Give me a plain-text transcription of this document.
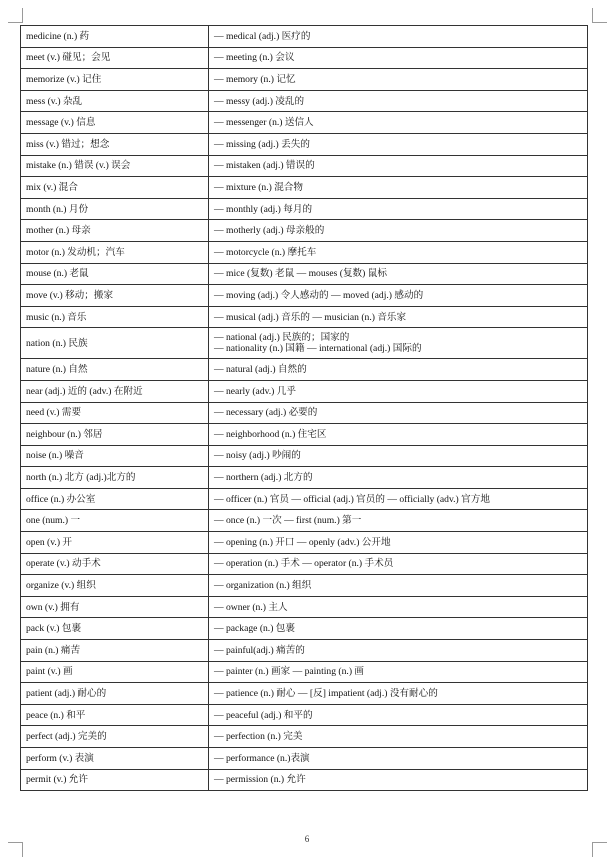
medicine (n.) 药	— medical (adj.) 医疗的

meet (v.) 碰见；会见	— meeting (n.) 会议

memorize (v.) 记住	— memory (n.) 记忆

mess (v.) 杂乱	— messy (adj.) 凌乱的

message (v.) 信息	— messenger (n.) 送信人

miss (v.) 错过；想念	— missing (adj.) 丢失的

mistake (n.) 错误 (v.) 误会	— mistaken (adj.) 错误的

mix (v.) 混合	— mixture (n.) 混合物

month (n.) 月份	— monthly (adj.) 每月的

mother (n.) 母亲	— motherly (adj.) 母亲般的

motor (n.) 发动机；汽车	— motorcycle (n.) 摩托车

mouse (n.) 老鼠	— mice (复数) 老鼠 — mouses (复数) 鼠标

move (v.) 移动；搬家	— moving (adj.) 令人感动的 — moved (adj.) 感动的

music (n.) 音乐	— musical (adj.) 音乐的 — musician (n.) 音乐家

nation (n.) 民族	— national (adj.) 民族的；国家的
— nationality (n.) 国籍 — international (adj.) 国际的

nature (n.) 自然	— natural (adj.) 自然的

near (adj.) 近的 (adv.) 在附近	— nearly (adv.) 几乎

need (v.) 需要	— necessary (adj.) 必要的

neighbour (n.) 邻居	— neighborhood (n.) 住宅区

noise (n.) 噪音	— noisy (adj.) 吵闹的

north (n.) 北方 (adj.)北方的	— northern (adj.) 北方的

office (n.) 办公室	— officer (n.) 官员 — official (adj.) 官员的 — officially (adv.) 官方地

one (num.) 一	— once (n.) 一次 — first (num.) 第一

open (v.) 开	— opening (n.) 开口 — openly (adv.) 公开地

operate (v.) 动手术	— operation (n.) 手术 — operator (n.) 手术员

organize (v.) 组织	— organization (n.) 组织

own (v.) 拥有	— owner (n.) 主人

pack (v.) 包裹	— package (n.) 包裹

pain (n.) 痛苦	— painful(adj.) 痛苦的

paint (v.) 画	— painter (n.) 画家 — painting (n.) 画

patient (adj.) 耐心的	— patience (n.) 耐心 — [反] impatient (adj.) 没有耐心的

peace (n.) 和平	— peaceful (adj.) 和平的

perfect (adj.) 完美的	— perfection (n.) 完美

perform (v.) 表演	— performance (n.)表演

permit (v.) 允许	— permission (n.) 允许
6
